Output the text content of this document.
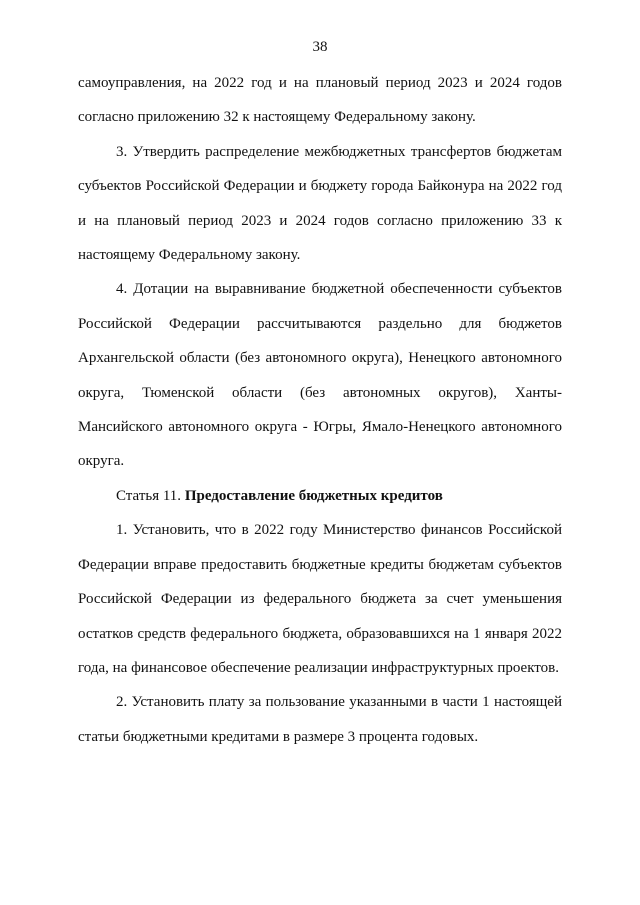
38

самоуправления, на 2022 год и на плановый период 2023 и 2024 годов согласно приложению 32 к настоящему Федеральному закону.

3. Утвердить распределение межбюджетных трансфертов бюджетам субъектов Российской Федерации и бюджету города Байконура на 2022 год и на плановый период 2023 и 2024 годов согласно приложению 33 к настоящему Федеральному закону.

4. Дотации на выравнивание бюджетной обеспеченности субъектов Российской Федерации рассчитываются раздельно для бюджетов Архангельской области (без автономного округа), Ненецкого автономного округа, Тюменской области (без автономных округов), Ханты-Мансийского автономного округа - Югры, Ямало-Ненецкого автономного округа.

Статья 11. Предоставление бюджетных кредитов

1. Установить, что в 2022 году Министерство финансов Российской Федерации вправе предоставить бюджетные кредиты бюджетам субъектов Российской Федерации из федерального бюджета за счет уменьшения остатков средств федерального бюджета, образовавшихся на 1 января 2022 года, на финансовое обеспечение реализации инфраструктурных проектов.

2. Установить плату за пользование указанными в части 1 настоящей статьи бюджетными кредитами в размере 3 процента годовых.
